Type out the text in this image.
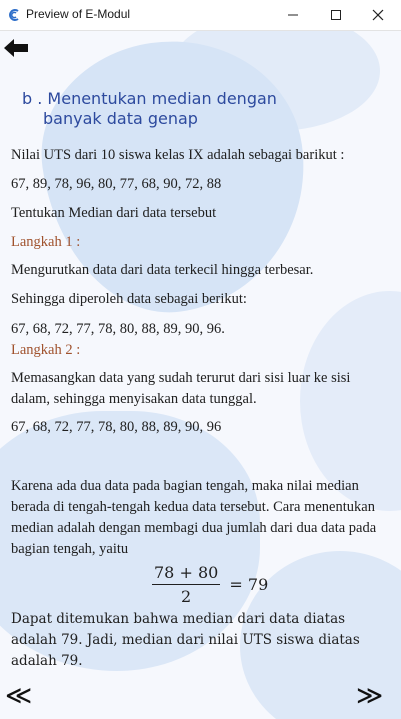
Preview of E-Modul
b . Menentukan median dengan
banyak data genap
Nilai UTS dari 10 siswa kelas IX adalah sebagai barikut :
67, 89, 78, 96, 80, 77, 68, 90, 72, 88
Tentukan Median dari data tersebut
Langkah 1 :
Mengurutkan data dari data terkecil hingga terbesar.
Sehingga diperoleh data sebagai berikut:
67, 68, 72, 77, 78, 80, 88, 89, 90, 96.
Langkah 2 :
Memasangkan data yang sudah terurut dari sisi luar ke sisi dalam, sehingga menyisakan data tunggal.
67, 68, 72, 77, 78, 80, 88, 89, 90, 96
Karena ada dua data pada bagian tengah, maka nilai median berada di tengah-tengah kedua data tersebut. Cara menentukan median adalah dengan membagi dua jumlah dari dua data pada bagian tengah, yaitu
$\frac{78 + 80}{2} = 79$
Dapat ditemukan bahwa median dari data diatas adalah 79. Jadi, median dari nilai UTS siswa diatas adalah 79.
≪	≫
